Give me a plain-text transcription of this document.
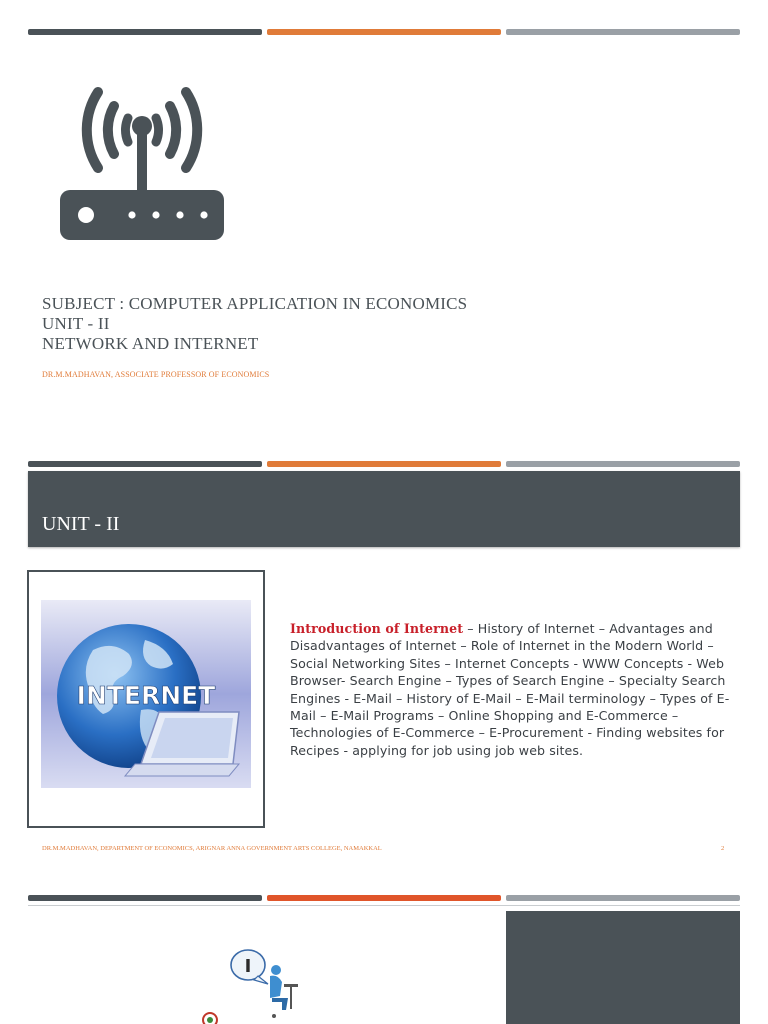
SUBJECT : COMPUTER APPLICATION IN ECONOMICS
UNIT - II
NETWORK AND INTERNET
DR.M.MADHAVAN, ASSOCIATE PROFESSOR OF ECONOMICS
UNIT - II
INTERNET
Introduction of Internet – History of Internet – Advantages and Disadvantages of Internet – Role of Internet in the Modern World – Social Networking Sites – Internet Concepts - WWW Concepts - Web Browser- Search Engine – Types of Search Engine – Specialty Search Engines - E-Mail – History of E-Mail – E-Mail terminology – Types of E-Mail – E-Mail Programs – Online Shopping and E-Commerce – Technologies of E-Commerce – E-Procurement - Finding websites for Recipes - applying for job using job web sites.
DR.M.MADHAVAN, DEPARTMENT OF ECONOMICS, ARIGNAR ANNA GOVERNMENT ARTS COLLEGE, NAMAKKAL	2
I
